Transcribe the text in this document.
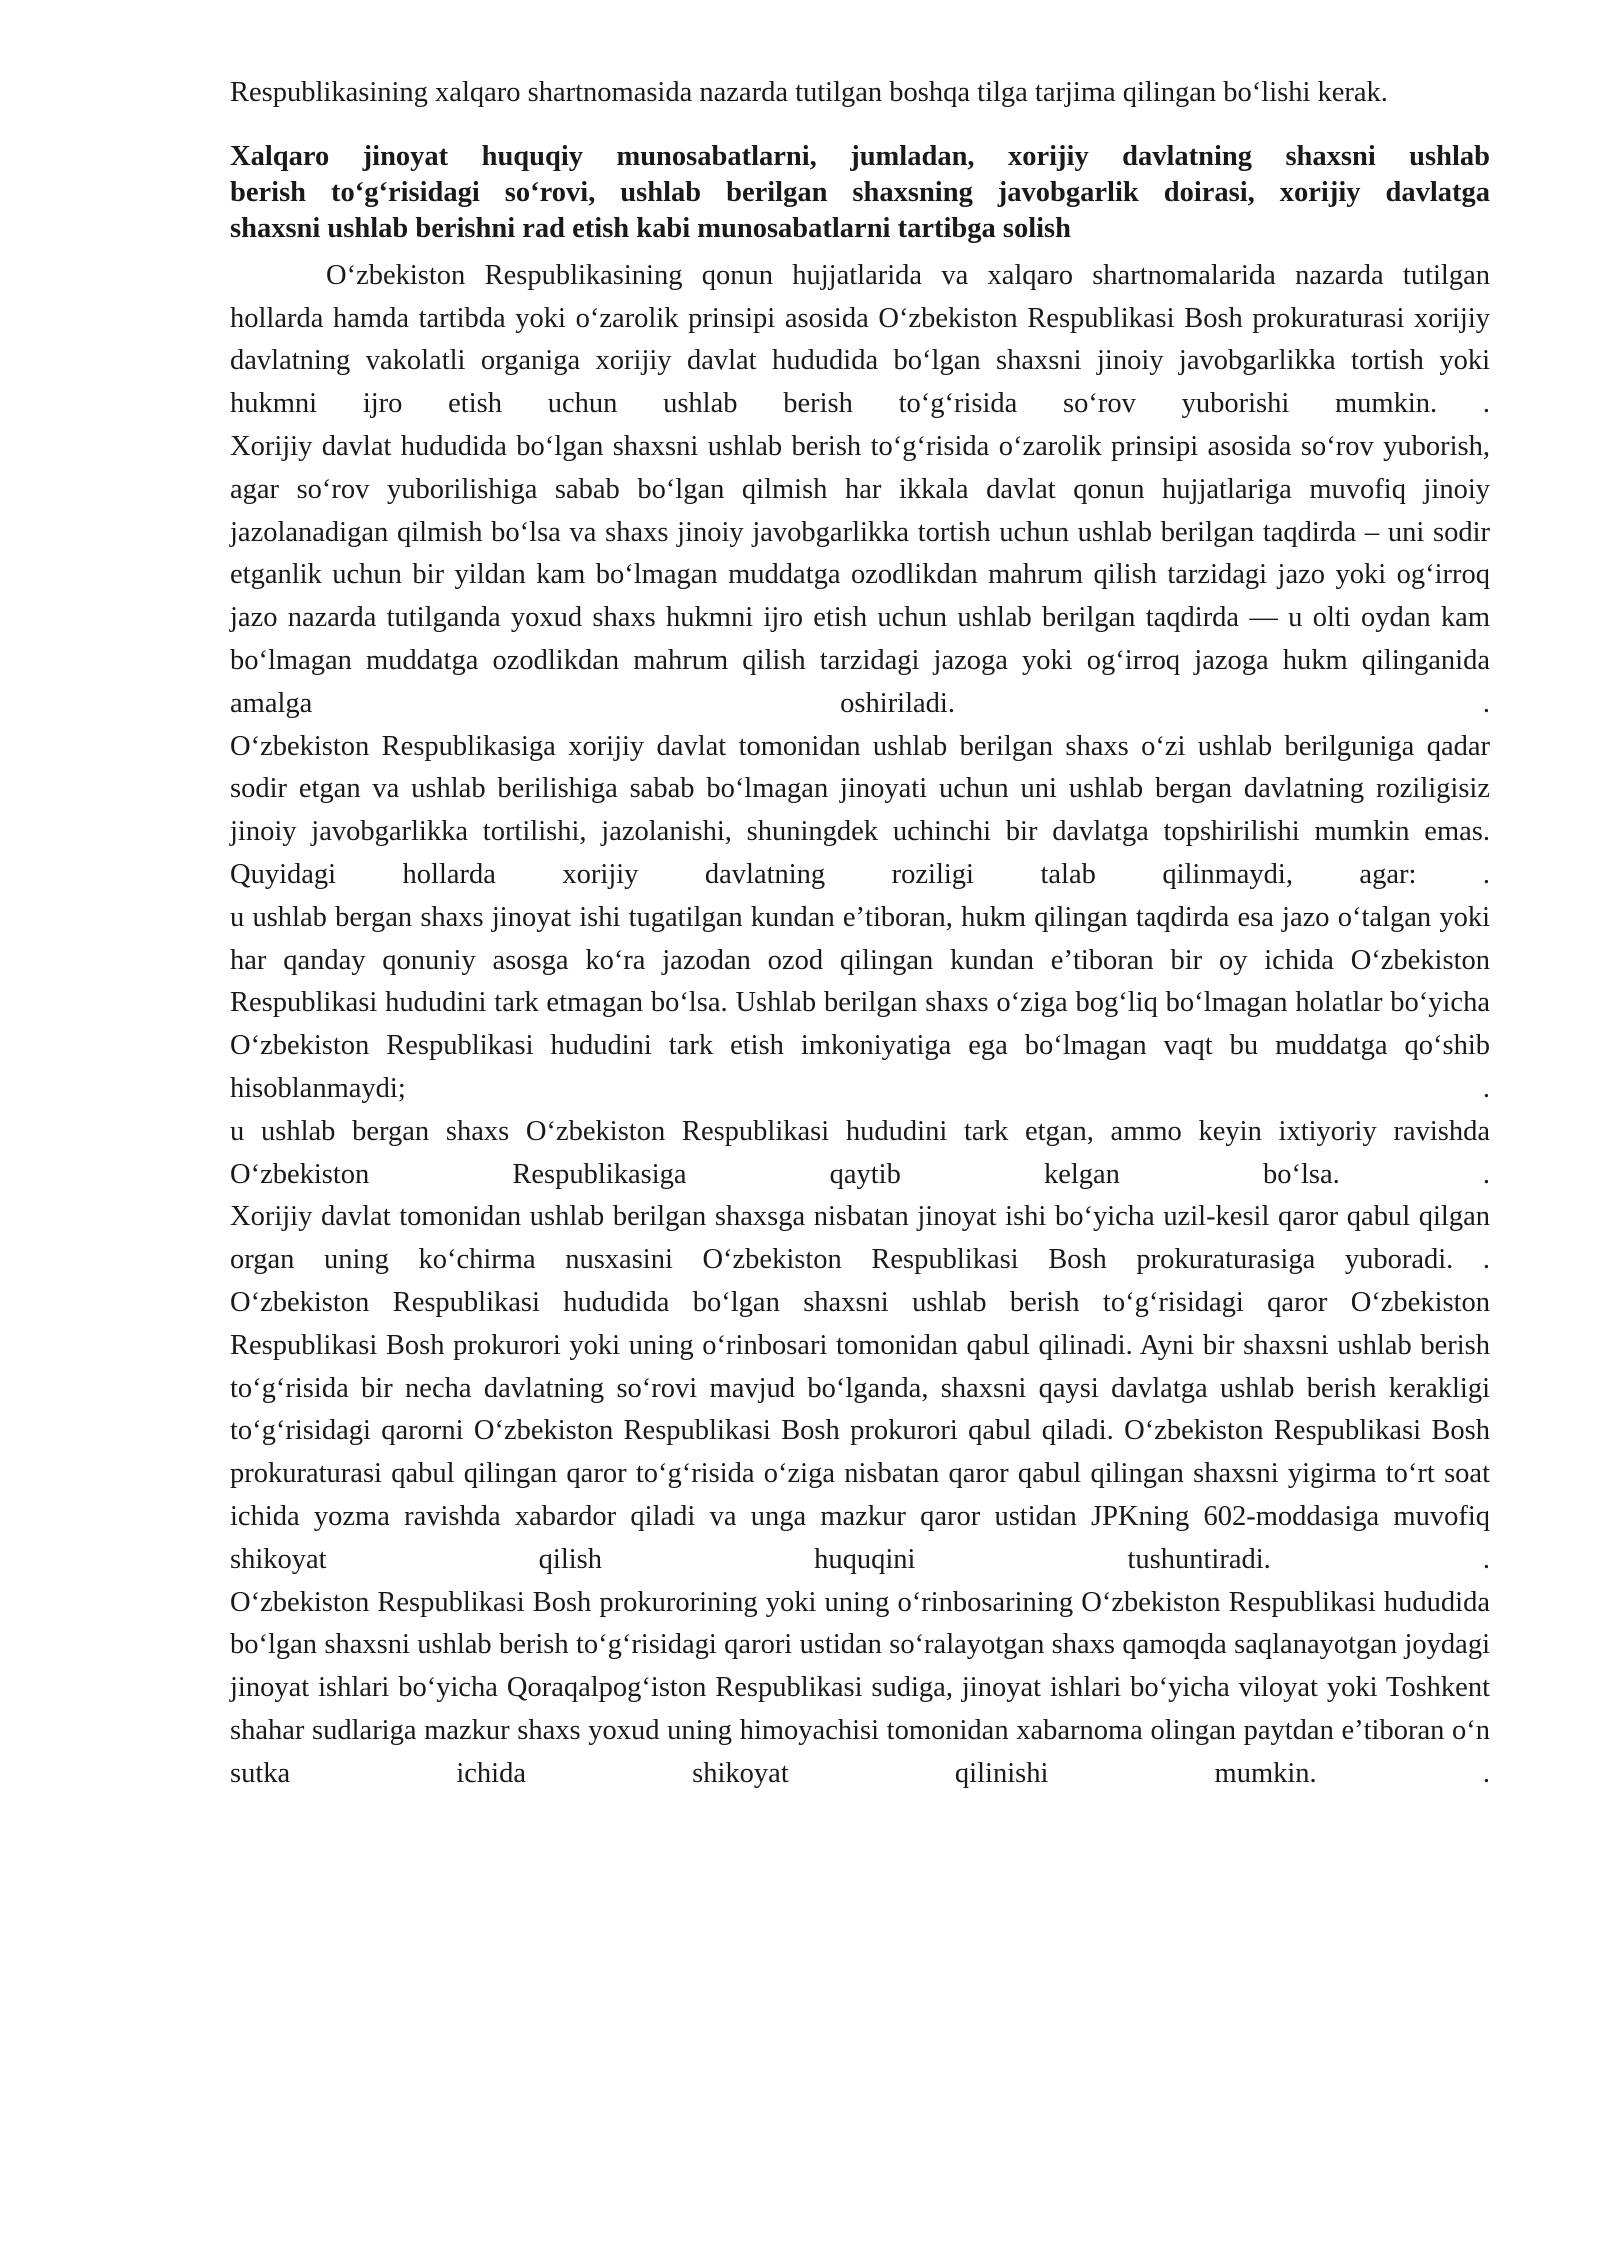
Respublikasining xalqaro shartnomasida nazarda tutilgan boshqa tilga tarjima qilingan boʻlishi kerak.

Xalqaro jinoyat huquqiy munosabatlarni, jumladan, xorijiy davlatning shaxsni ushlab
berish toʻgʻrisidagi soʻrovi, ushlab berilgan shaxsning javobgarlik doirasi, xorijiy davlatga
shaxsni ushlab berishni rad etish kabi munosabatlarni tartibga solish

Oʻzbekiston Respublikasining qonun hujjatlarida va xalqaro shartnomalarida nazarda tutilgan hollarda hamda tartibda yoki oʻzarolik prinsipi asosida Oʻzbekiston Respublikasi Bosh prokuraturasi xorijiy davlatning vakolatli organiga xorijiy davlat hududida boʻlgan shaxsni jinoiy javobgarlikka tortish yoki hukmni ijro etish uchun ushlab berish toʻgʻrisida soʻrov yuborishi mumkin. .

Xorijiy davlat hududida boʻlgan shaxsni ushlab berish toʻgʻrisida oʻzarolik prinsipi asosida soʻrov yuborish, agar soʻrov yuborilishiga sabab boʻlgan qilmish har ikkala davlat qonun hujjatlariga muvofiq jinoiy jazolanadigan qilmish boʻlsa va shaxs jinoiy javobgarlikka tortish uchun ushlab berilgan taqdirda – uni sodir etganlik uchun bir yildan kam boʻlmagan muddatga ozodlikdan mahrum qilish tarzidagi jazo yoki ogʻirroq jazo nazarda tutilganda yoxud shaxs hukmni ijro etish uchun ushlab berilgan taqdirda — u olti oydan kam boʻlmagan muddatga ozodlikdan mahrum qilish tarzidagi jazoga yoki ogʻirroq jazoga hukm qilinganida amalga oshiriladi. .

Oʻzbekiston Respublikasiga xorijiy davlat tomonidan ushlab berilgan shaxs oʻzi ushlab berilguniga qadar sodir etgan va ushlab berilishiga sabab boʻlmagan jinoyati uchun uni ushlab bergan davlatning roziligisiz jinoiy javobgarlikka tortilishi, jazolanishi, shuningdek uchinchi bir davlatga topshirilishi mumkin emas. Quyidagi hollarda xorijiy davlatning roziligi talab qilinmaydi, agar: .

u ushlab bergan shaxs jinoyat ishi tugatilgan kundan eʼtiboran, hukm qilingan taqdirda esa jazo oʻtalgan yoki har qanday qonuniy asosga koʻra jazodan ozod qilingan kundan eʼtiboran bir oy ichida Oʻzbekiston Respublikasi hududini tark etmagan boʻlsa. Ushlab berilgan shaxs oʻziga bogʻliq boʻlmagan holatlar boʻyicha Oʻzbekiston Respublikasi hududini tark etish imkoniyatiga ega boʻlmagan vaqt bu muddatga qoʻshib hisoblanmaydi; .

u ushlab bergan shaxs Oʻzbekiston Respublikasi hududini tark etgan, ammo keyin ixtiyoriy ravishda Oʻzbekiston Respublikasiga qaytib kelgan boʻlsa. .

Xorijiy davlat tomonidan ushlab berilgan shaxsga nisbatan jinoyat ishi boʻyicha uzil-kesil qaror qabul qilgan organ uning koʻchirma nusxasini Oʻzbekiston Respublikasi Bosh prokuraturasiga yuboradi. .

Oʻzbekiston Respublikasi hududida boʻlgan shaxsni ushlab berish toʻgʻrisidagi qaror Oʻzbekiston Respublikasi Bosh prokurori yoki uning oʻrinbosari tomonidan qabul qilinadi. Ayni bir shaxsni ushlab berish toʻgʻrisida bir necha davlatning soʻrovi mavjud boʻlganda, shaxsni qaysi davlatga ushlab berish kerakligi toʻgʻrisidagi qarorni Oʻzbekiston Respublikasi Bosh prokurori qabul qiladi. Oʻzbekiston Respublikasi Bosh prokuraturasi qabul qilingan qaror toʻgʻrisida oʻziga nisbatan qaror qabul qilingan shaxsni yigirma toʻrt soat ichida yozma ravishda xabardor qiladi va unga mazkur qaror ustidan JPKning 602-moddasiga muvofiq shikoyat qilish huquqini tushuntiradi. .

Oʻzbekiston Respublikasi Bosh prokurorining yoki uning oʻrinbosarining Oʻzbekiston Respublikasi hududida boʻlgan shaxsni ushlab berish toʻgʻrisidagi qarori ustidan soʻralayotgan shaxs qamoqda saqlanayotgan joydagi jinoyat ishlari boʻyicha Qoraqalpogʻiston Respublikasi sudiga, jinoyat ishlari boʻyicha viloyat yoki Toshkent shahar sudlariga mazkur shaxs yoxud uning himoyachisi tomonidan xabarnoma olingan paytdan eʼtiboran oʻn sutka ichida shikoyat qilinishi mumkin. .
